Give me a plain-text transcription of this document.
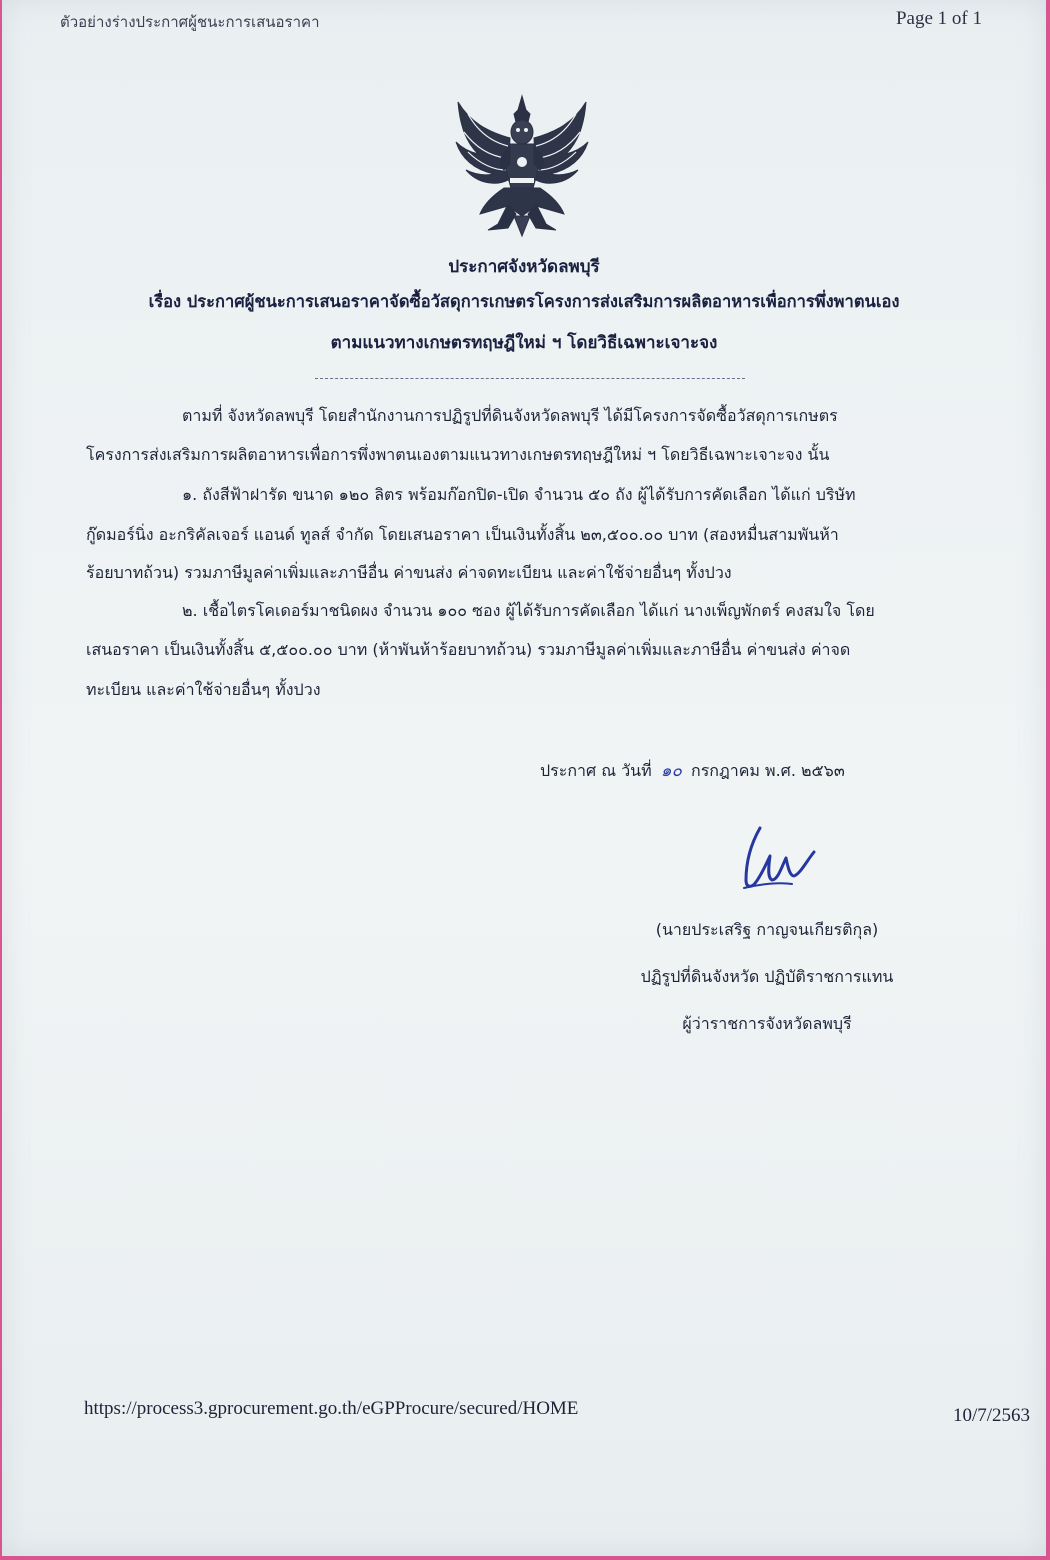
ตัวอย่างร่างประกาศผู้ชนะการเสนอราคา	Page 1 of 1
ประกาศจังหวัดลพบุรี
เรื่อง ประกาศผู้ชนะการเสนอราคาจัดซื้อวัสดุการเกษตรโครงการส่งเสริมการผลิตอาหารเพื่อการพึ่งพาตนเอง
ตามแนวทางเกษตรทฤษฎีใหม่ ฯ โดยวิธีเฉพาะเจาะจง
ตามที่ จังหวัดลพบุรี โดยสำนักงานการปฏิรูปที่ดินจังหวัดลพบุรี ได้มีโครงการจัดซื้อวัสดุการเกษตร
โครงการส่งเสริมการผลิตอาหารเพื่อการพึ่งพาตนเองตามแนวทางเกษตรทฤษฎีใหม่ ฯ โดยวิธีเฉพาะเจาะจง นั้น
๑. ถังสีฟ้าฝารัด ขนาด ๑๒๐ ลิตร พร้อมก๊อกปิด-เปิด จำนวน ๕๐ ถัง ผู้ได้รับการคัดเลือก ได้แก่ บริษัท
กู๊ดมอร์นิ่ง อะกริคัลเจอร์ แอนด์ ทูลส์ จำกัด โดยเสนอราคา เป็นเงินทั้งสิ้น ๒๓,๕๐๐.๐๐ บาท (สองหมื่นสามพันห้า
ร้อยบาทถ้วน) รวมภาษีมูลค่าเพิ่มและภาษีอื่น ค่าขนส่ง ค่าจดทะเบียน และค่าใช้จ่ายอื่นๆ ทั้งปวง
๒. เชื้อไตรโคเดอร์มาชนิดผง จำนวน ๑๐๐ ซอง ผู้ได้รับการคัดเลือก ได้แก่ นางเพ็ญพักตร์ คงสมใจ โดย
เสนอราคา เป็นเงินทั้งสิ้น ๕,๕๐๐.๐๐ บาท (ห้าพันห้าร้อยบาทถ้วน) รวมภาษีมูลค่าเพิ่มและภาษีอื่น ค่าขนส่ง ค่าจด
ทะเบียน และค่าใช้จ่ายอื่นๆ ทั้งปวง
ประกาศ ณ วันที่ ๑๐ กรกฎาคม พ.ศ. ๒๕๖๓
(นายประเสริฐ กาญจนเกียรติกุล)
ปฏิรูปที่ดินจังหวัด ปฏิบัติราชการแทน
ผู้ว่าราชการจังหวัดลพบุรี
https://process3.gprocurement.go.th/eGPProcure/secured/HOME	10/7/2563
